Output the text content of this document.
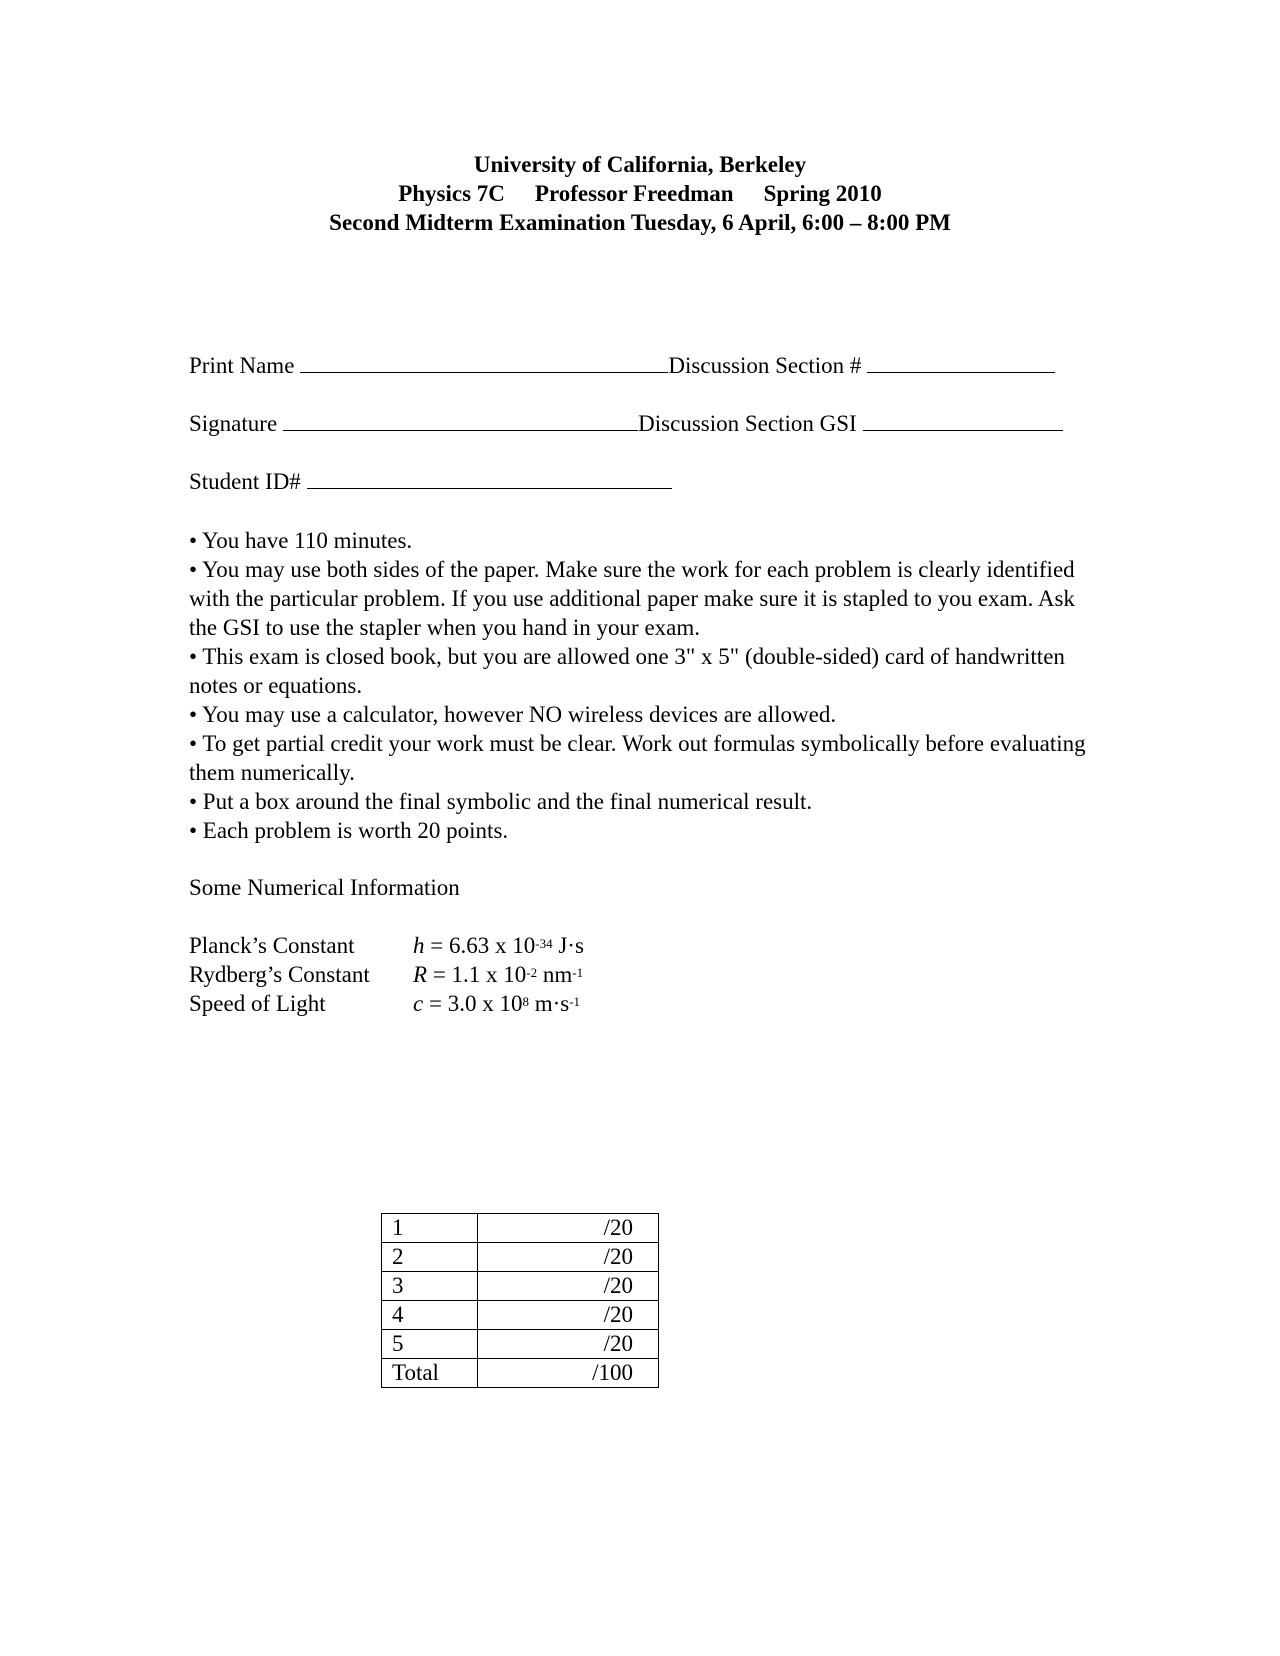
University of California, Berkeley
Physics 7C Professor Freedman Spring 2010
Second Midterm Examination Tuesday, 6 April, 6:00 – 8:00 PM
Print Name	Discussion Section #
Signature	Discussion Section GSI
Student ID#

• You have 110 minutes.

• You may use both sides of the paper. Make sure the work for each problem is clearly identified with the particular problem. If you use additional paper make sure it is stapled to you exam. Ask the GSI to use the stapler when you hand in your exam.

• This exam is closed book, but you are allowed one 3" x 5" (double-sided) card of handwritten notes or equations.

• You may use a calculator, however NO wireless devices are allowed.

• To get partial credit your work must be clear. Work out formulas symbolically before evaluating them numerically.

• Put a box around the final symbolic and the final numerical result.

• Each problem is worth 20 points.

Some Numerical Information
Planck’s Constant	h = 6.63 x $10^{-34}$ J·s
Rydberg’s Constant	R = 1.1 x $10^{-2}$ $nm^{-1}$
Speed of Light	c = 3.0 x $10^8$ $m\cdot s^{-1}$
1	/20
2	/20
3	/20
4	/20
5	/20
Total	/100
